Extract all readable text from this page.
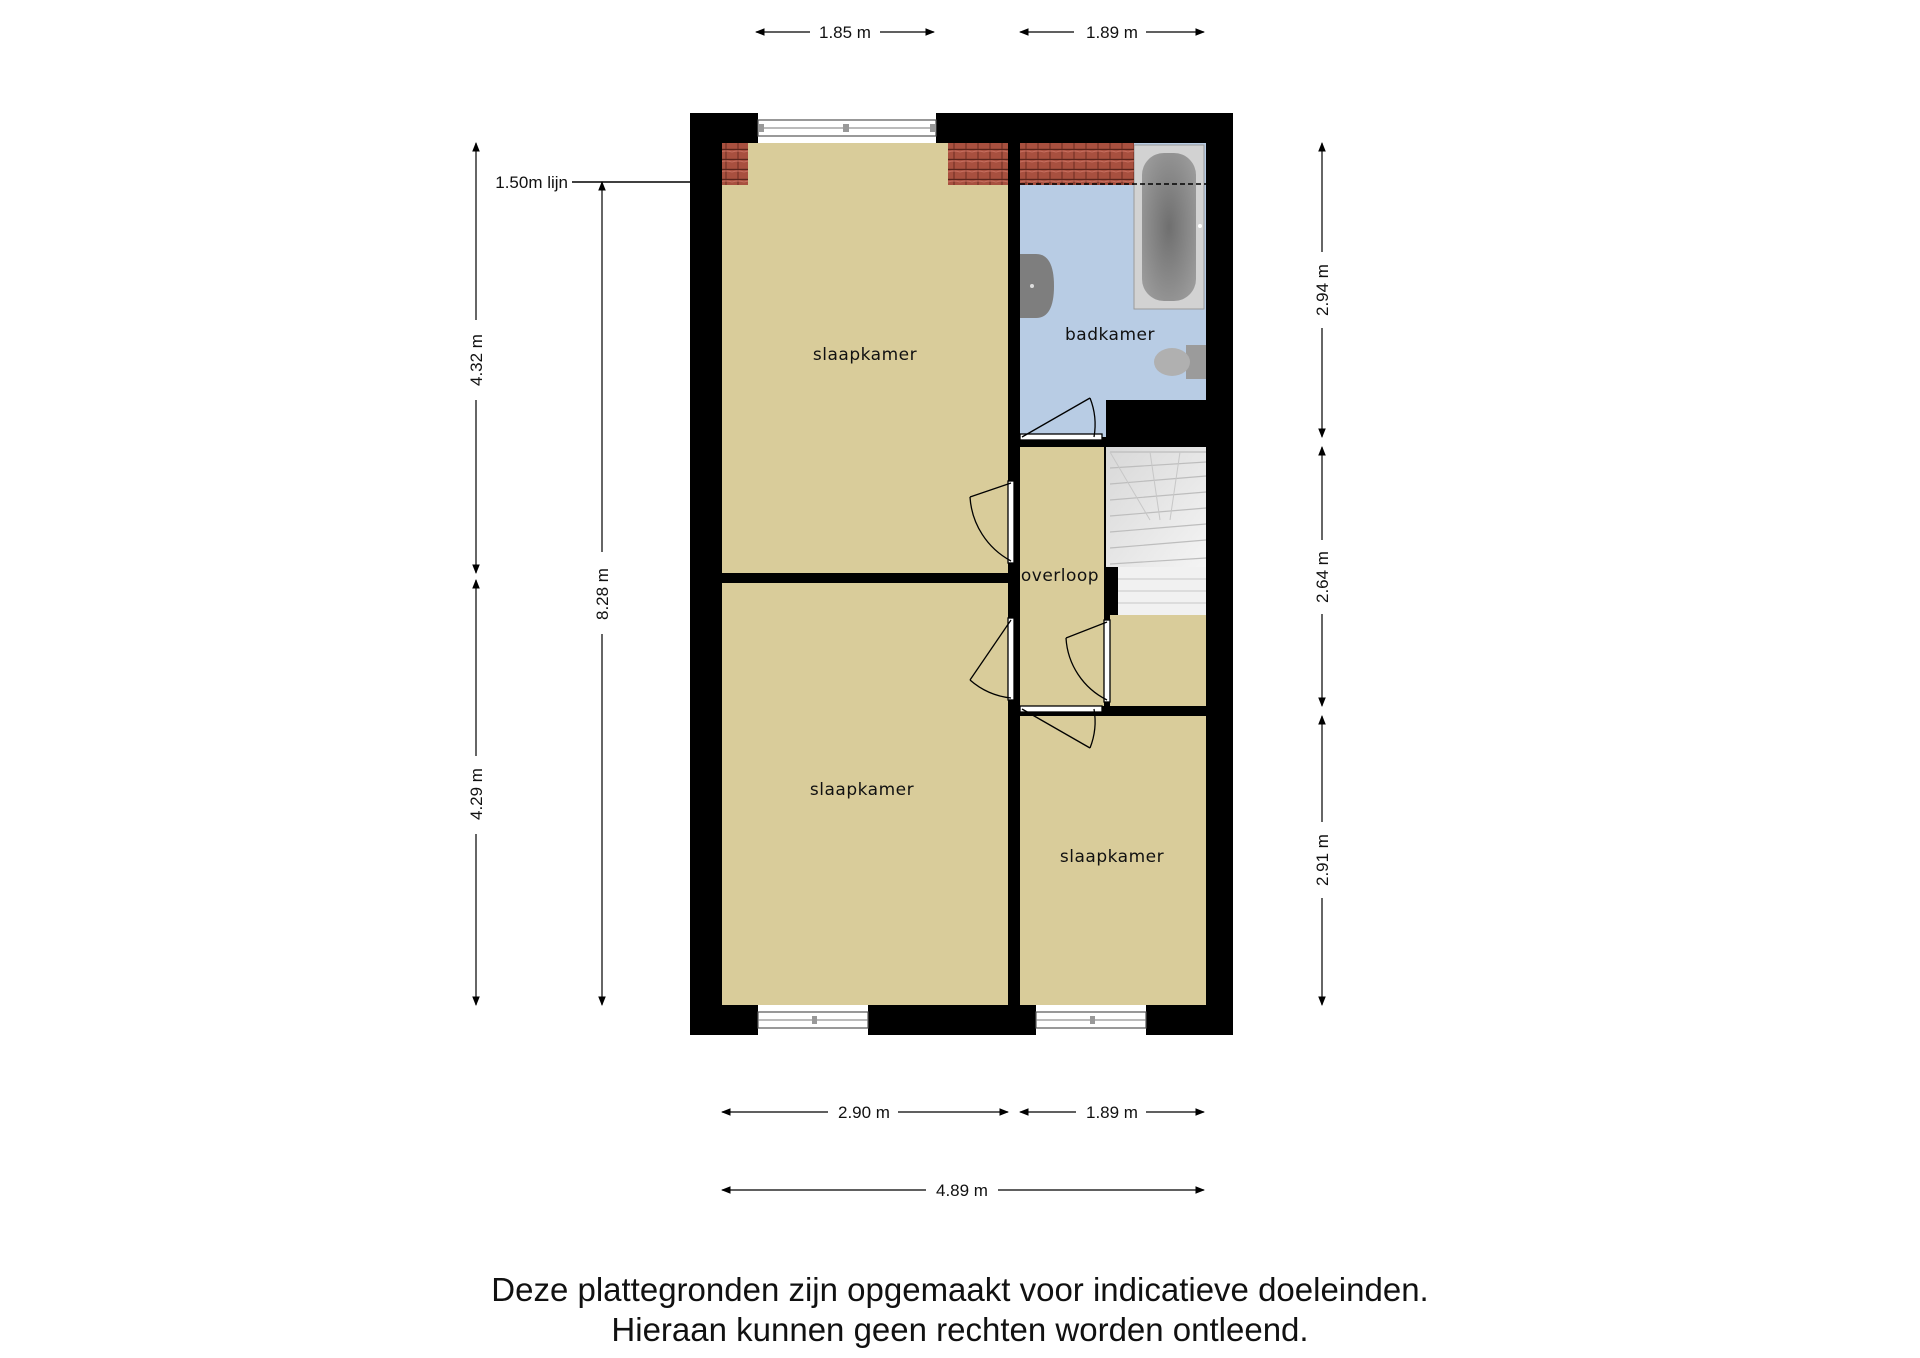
slaapkamer
slaapkamer
slaapkamer
badkamer
overloop
1.50m lijn
1.85 m	1.89 m
2.90 m	1.89 m
4.89 m
4.32 m
4.29 m
8.28 m
2.94 m
2.64 m
2.91 m
Deze plattegronden zijn opgemaakt voor indicatieve doeleinden.
Hieraan kunnen geen rechten worden ontleend.
